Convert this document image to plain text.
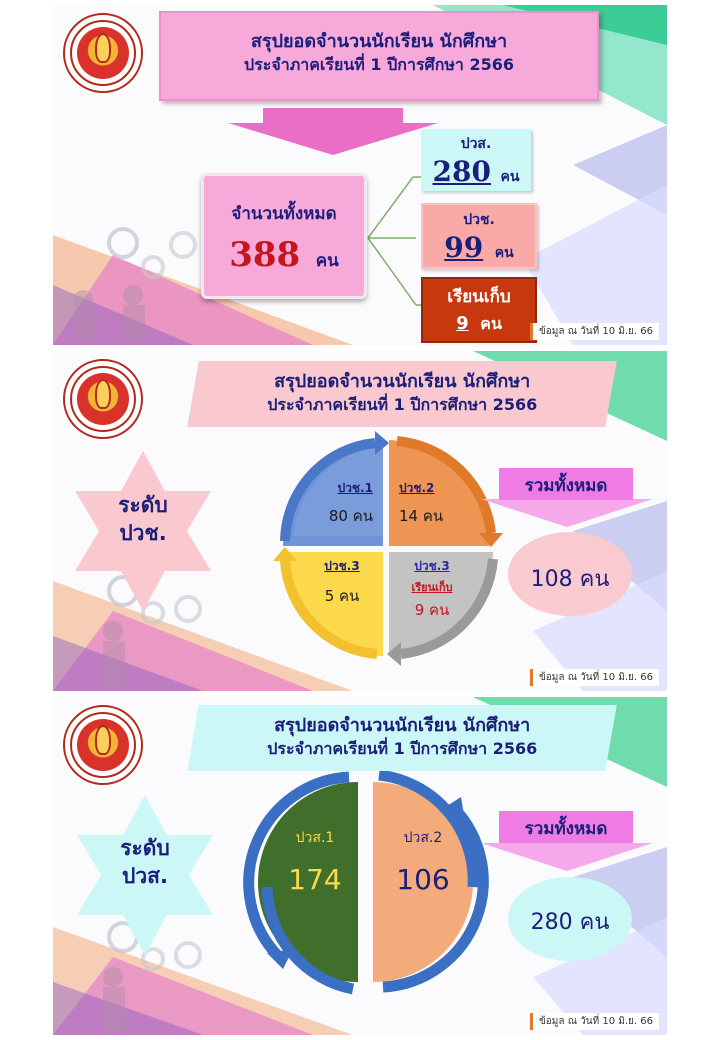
สรุปยอดจำนวนนักเรียน นักศึกษา
ประจำภาคเรียนที่ 1 ปีการศึกษา 2566
จำนวนทั้งหมด
388 คน
ปวส.
280 คน
ปวช.
99 คน
เรียนเก็บ
9 คน	ข้อมูล ณ วันที่ 10 มิ.ย. 66
สรุปยอดจำนวนนักเรียน นักศึกษา
ประจำภาคเรียนที่ 1 ปีการศึกษา 2566
ระดับ
ปวช.
ปวช.1
80 คน
ปวช.2
14 คน
ปวช.3
5 คน
ปวช.3
เรียนเก็บ
9 คน
รวมทั้งหมด
108 คน
ข้อมูล ณ วันที่ 10 มิ.ย. 66
สรุปยอดจำนวนนักเรียน นักศึกษา
ประจำภาคเรียนที่ 1 ปีการศึกษา 2566
ระดับ
ปวส.
ปวส.1
174
ปวส.2
106
รวมทั้งหมด
280 คน
ข้อมูล ณ วันที่ 10 มิ.ย. 66
